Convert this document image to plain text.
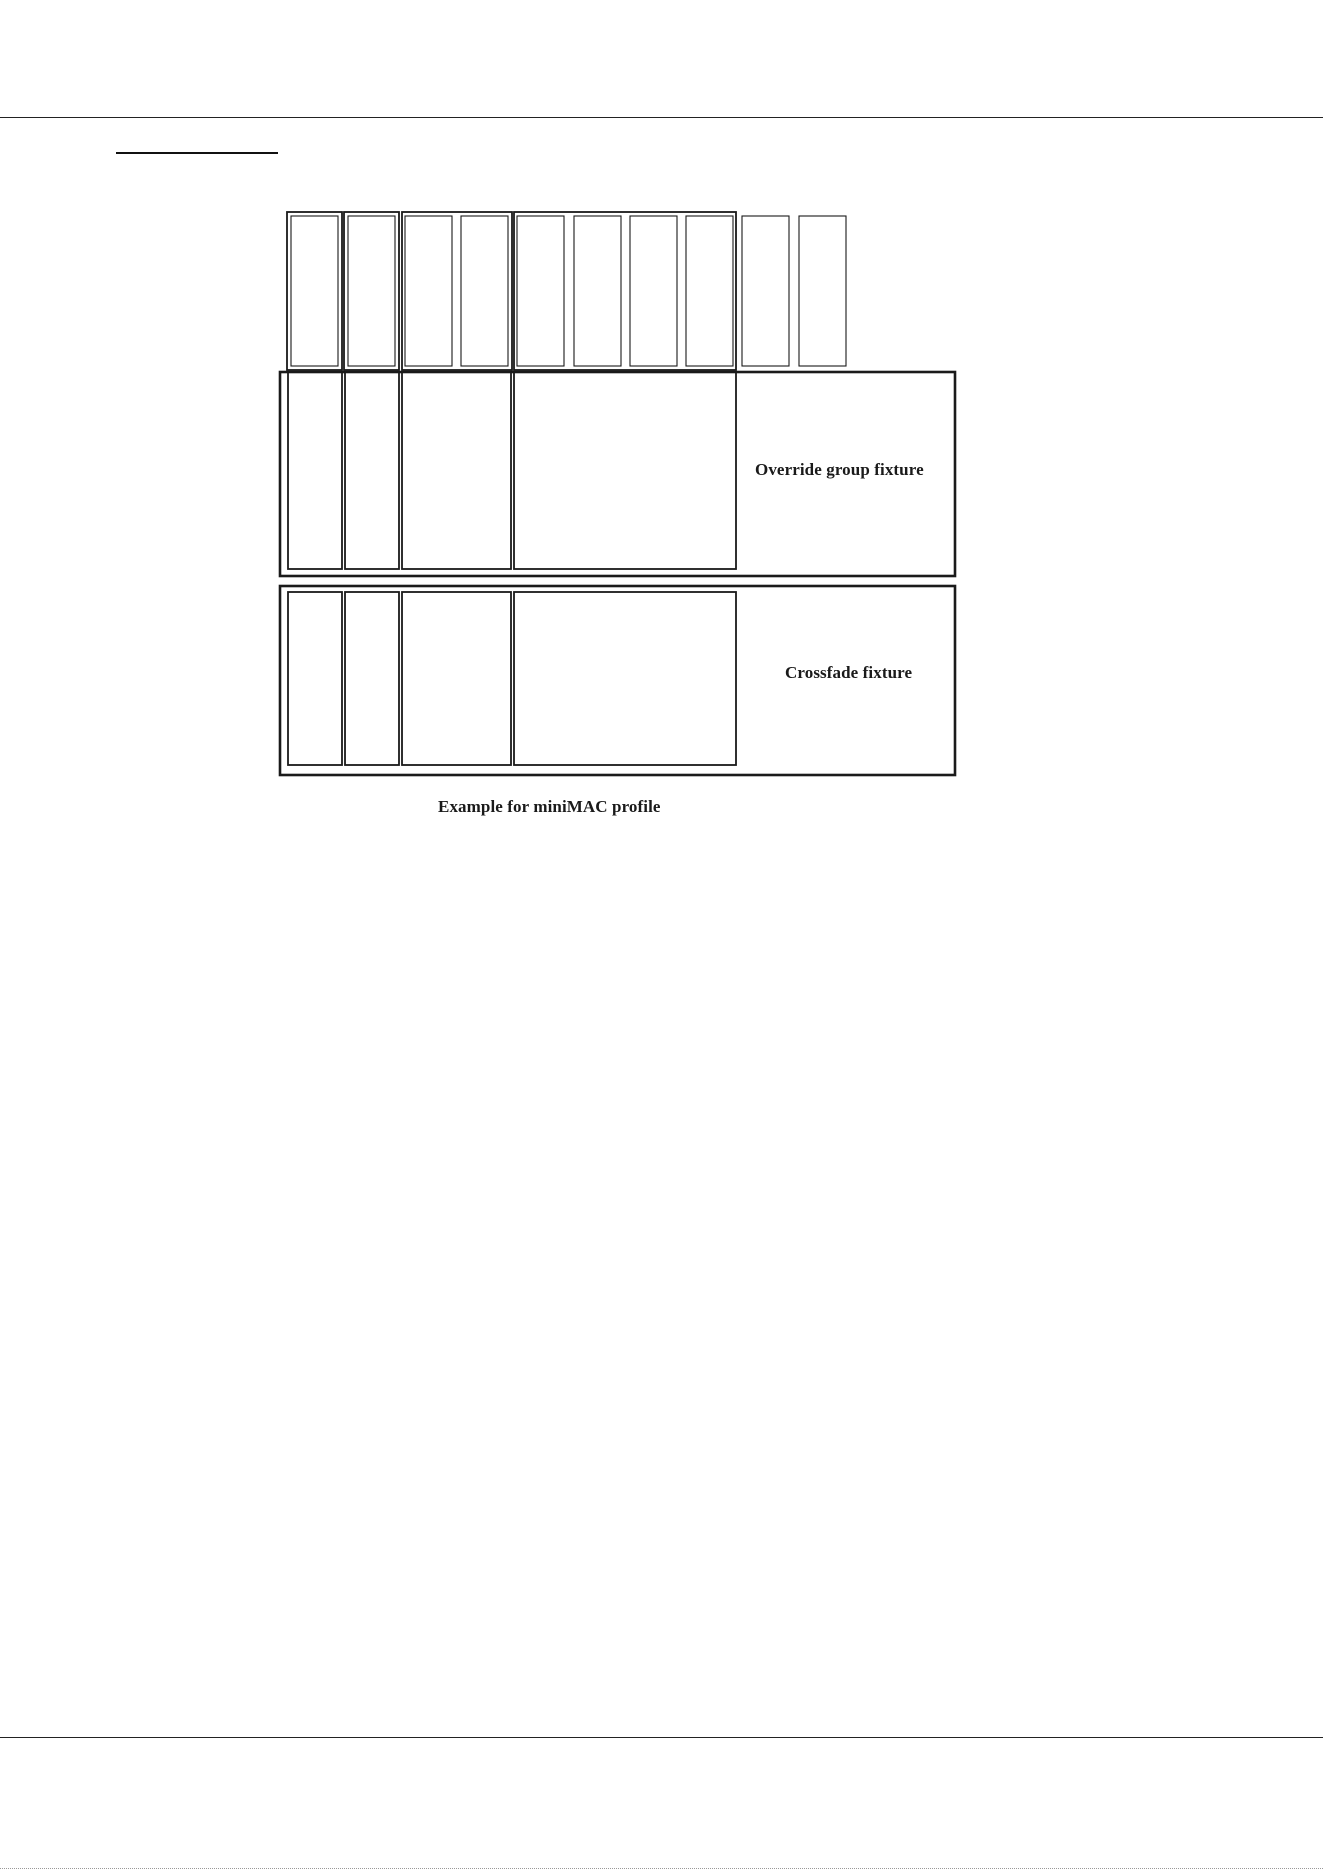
Override group fixture
Crossfade fixture
Example for miniMAC profile
